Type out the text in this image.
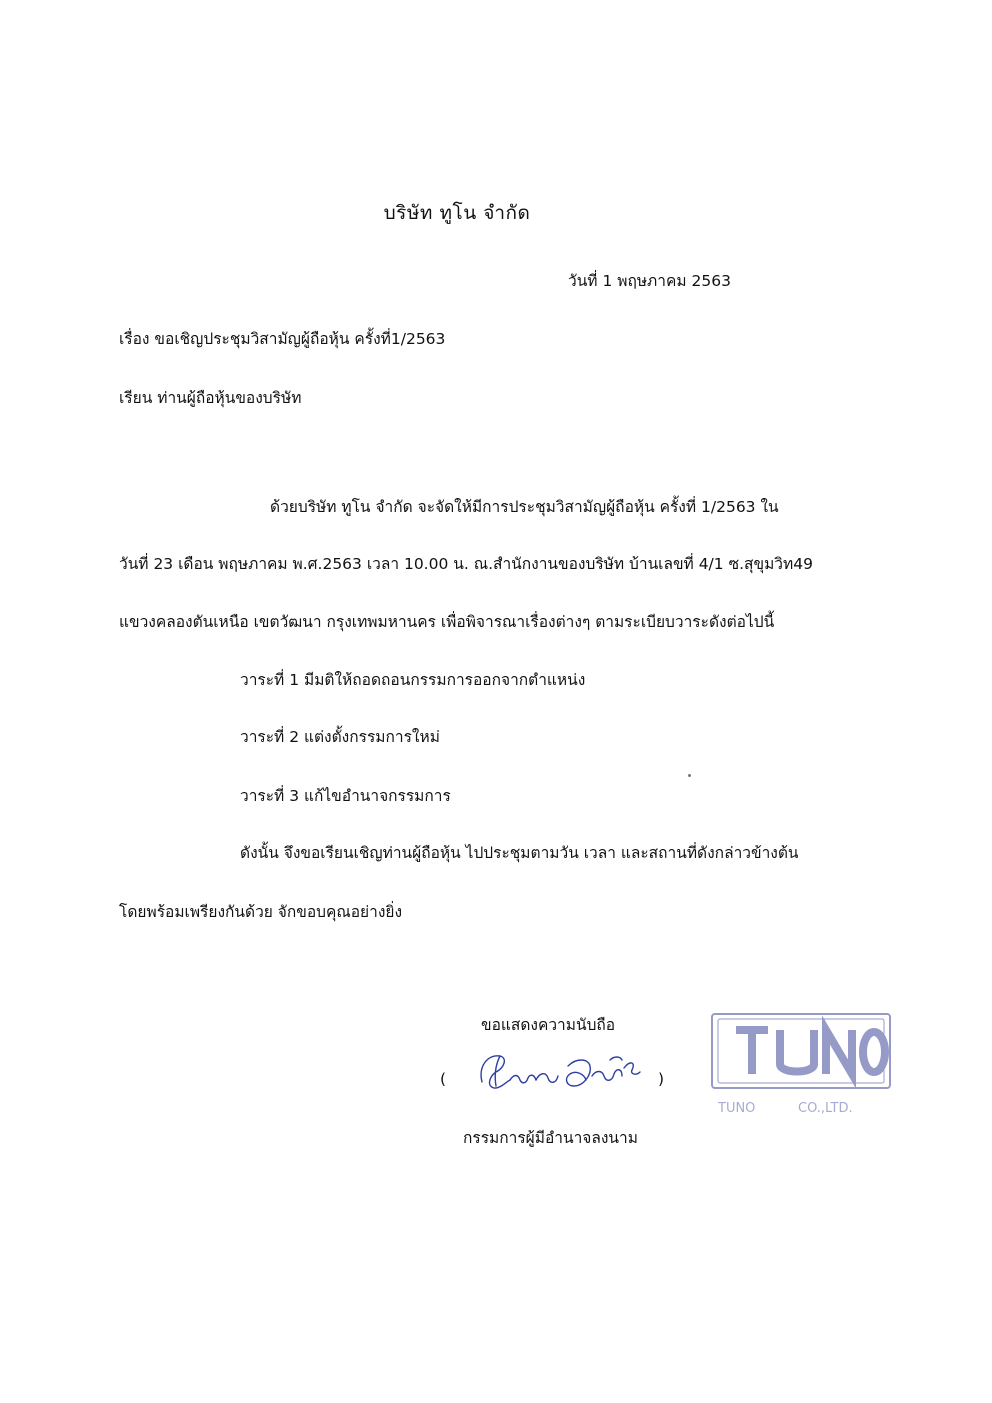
บริษัท ทูโน จำกัด
วันที่ 1 พฤษภาคม 2563
เรื่อง ขอเชิญประชุมวิสามัญผู้ถือหุ้น ครั้งที่1/2563
เรียน ท่านผู้ถือหุ้นของบริษัท
ด้วยบริษัท ทูโน จำกัด จะจัดให้มีการประชุมวิสามัญผู้ถือหุ้น ครั้งที่ 1/2563 ใน
วันที่ 23 เดือน พฤษภาคม พ.ศ.2563 เวลา 10.00 น. ณ.สำนักงานของบริษัท บ้านเลขที่ 4/1 ซ.สุขุมวิท49
แขวงคลองตันเหนือ เขตวัฒนา กรุงเทพมหานคร เพื่อพิจารณาเรื่องต่างๆ ตามระเบียบวาระดังต่อไปนี้
วาระที่ 1 มีมติให้ถอดถอนกรรมการออกจากตำแหน่ง
วาระที่ 2 แต่งตั้งกรรมการใหม่
วาระที่ 3 แก้ไขอำนาจกรรมการ
ดังนั้น จึงขอเรียนเชิญท่านผู้ถือหุ้น ไปประชุมตามวัน เวลา และสถานที่ดังกล่าวข้างต้น
โดยพร้อมเพรียงกันด้วย จักขอบคุณอย่างยิ่ง
ขอแสดงความนับถือ
(	)
กรรมการผู้มีอำนาจลงนาม
TUNO	CO.,LTD.
